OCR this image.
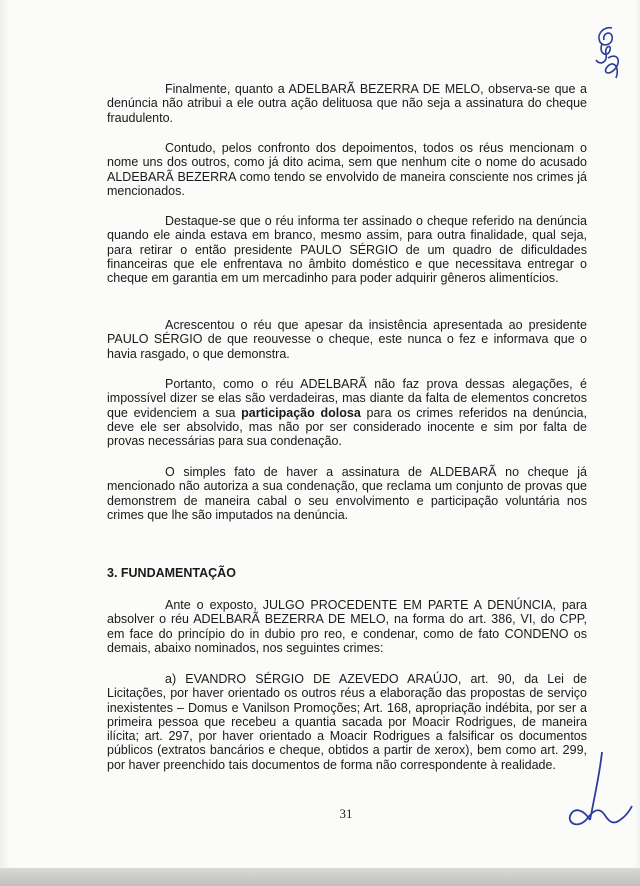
Finalmente, quanto a ADELBARÃ BEZERRA DE MELO, observa-se que a denúncia não atribui a ele outra ação delituosa que não seja a assinatura do cheque fraudulento.

Contudo, pelos confronto dos depoimentos, todos os réus mencionam o nome uns dos outros, como já dito acima, sem que nenhum cite o nome do acusado ALDEBARÃ BEZERRA como tendo se envolvido de maneira consciente nos crimes já mencionados.

Destaque-se que o réu informa ter assinado o cheque referido na denúncia quando ele ainda estava em branco, mesmo assim, para outra finalidade, qual seja, para retirar o então presidente PAULO SÉRGIO de um quadro de dificuldades financeiras que ele enfrentava no âmbito doméstico e que necessitava entregar o cheque em garantia em um mercadinho para poder adquirir gêneros alimentícios.

Acrescentou o réu que apesar da insistência apresentada ao presidente PAULO SÉRGIO de que reouvesse o cheque, este nunca o fez e informava que o havia rasgado, o que demonstra.

Portanto, como o réu ADELBARÃ não faz prova dessas alegações, é impossível dizer se elas são verdadeiras, mas diante da falta de elementos concretos que evidenciem a sua participação dolosa para os crimes referidos na denúncia, deve ele ser absolvido, mas não por ser considerado inocente e sim por falta de provas necessárias para sua condenação.

O simples fato de haver a assinatura de ALDEBARÃ no cheque já mencionado não autoriza a sua condenação, que reclama um conjunto de provas que demonstrem de maneira cabal o seu envolvimento e participação voluntária nos crimes que lhe são imputados na denúncia.

3. FUNDAMENTAÇÃO

Ante o exposto, JULGO PROCEDENTE EM PARTE A DENÚNCIA, para absolver o réu ADELBARÃ BEZERRA DE MELO, na forma do art. 386, VI, do CPP, em face do princípio do in dubio pro reo, e condenar, como de fato CONDENO os demais, abaixo nominados, nos seguintes crimes:

a) EVANDRO SÉRGIO DE AZEVEDO ARAÚJO, art. 90, da Lei de Licitações, por haver orientado os outros réus a elaboração das propostas de serviço inexistentes – Domus e Vanilson Promoções; Art. 168, apropriação indébita, por ser a primeira pessoa que recebeu a quantia sacada por Moacir Rodrigues, de maneira ilícita; art. 297, por haver orientado a Moacir Rodrigues a falsificar os documentos públicos (extratos bancários e cheque, obtidos a partir de xerox), bem como art. 299, por haver preenchido tais documentos de forma não correspondente à realidade.

31
